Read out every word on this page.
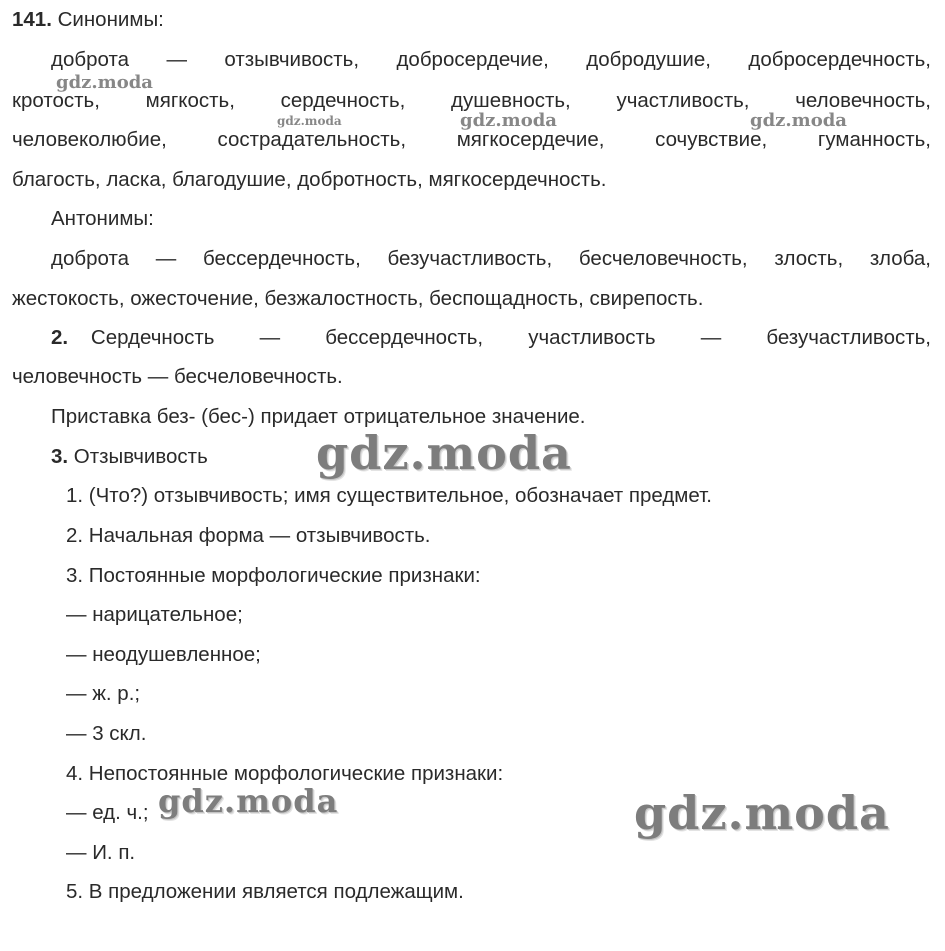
141. Синонимы:
доброта — отзывчивость, добросердечие, добродушие, добросердечность,
кротость, мягкость, сердечность, душевность, участливость, человечность,
человеколюбие, сострадательность, мягкосердечие, сочувствие, гуманность,
благость, ласка, благодушие, добротность, мягкосердечность.
Антонимы:
доброта — бессердечность, безучастливость, бесчеловечность, злость, злоба,
жестокость, ожесточение, безжалостность, беспощадность, свирепость.
2. Сердечность — бессердечность, участливость — безучастливость,
человечность — бесчеловечность.
Приставка без- (бес-) придает отрицательное значение.
3. Отзывчивость
1. (Что?) отзывчивость; имя существительное, обозначает предмет.
2. Начальная форма — отзывчивость.
3. Постоянные морфологические признаки:
— нарицательное;
— неодушевленное;
— ж. р.;
— 3 скл.
4. Непостоянные морфологические признаки:
— ед. ч.;
— И. п.
5. В предложении является подлежащим.
gdz.moda
gdz.moda	gdz.moda	gdz.moda
gdz.moda
gdz.moda	gdz.moda
